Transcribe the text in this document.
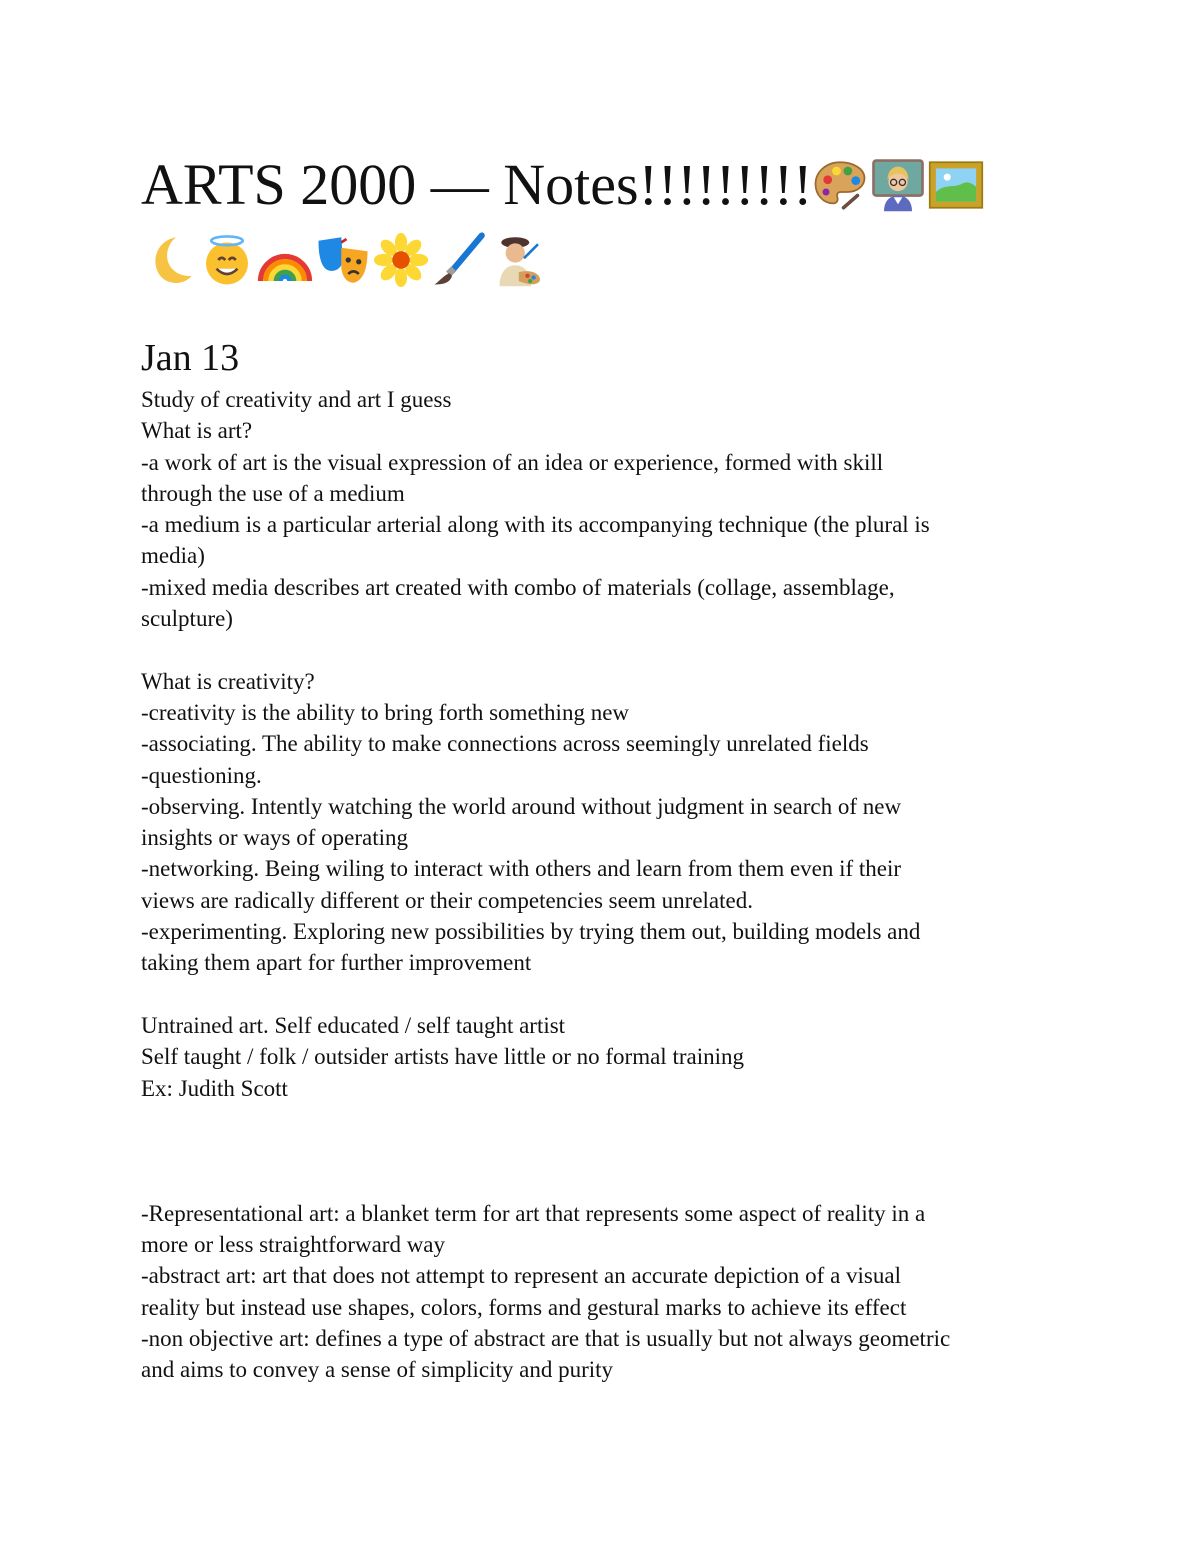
ARTS 2000 — Notes!!!!!!!!!
Jan 13
Study of creativity and art I guess
What is art?
-a work of art is the visual expression of an idea or experience, formed with skill
through the use of a medium
-a medium is a particular arterial along with its accompanying technique (the plural is
media)
-mixed media describes art created with combo of materials (collage, assemblage,
sculpture)
What is creativity?
-creativity is the ability to bring forth something new
-associating. The ability to make connections across seemingly unrelated fields
-questioning.
-observing. Intently watching the world around without judgment in search of new
insights or ways of operating
-networking. Being wiling to interact with others and learn from them even if their
views are radically different or their competencies seem unrelated.
-experimenting. Exploring new possibilities by trying them out, building models and
taking them apart for further improvement
Untrained art. Self educated / self taught artist
Self taught / folk / outsider artists have little or no formal training
Ex: Judith Scott
-Representational art: a blanket term for art that represents some aspect of reality in a
more or less straightforward way
-abstract art: art that does not attempt to represent an accurate depiction of a visual
reality but instead use shapes, colors, forms and gestural marks to achieve its effect
-non objective art: defines a type of abstract are that is usually but not always geometric
and aims to convey a sense of simplicity and purity
